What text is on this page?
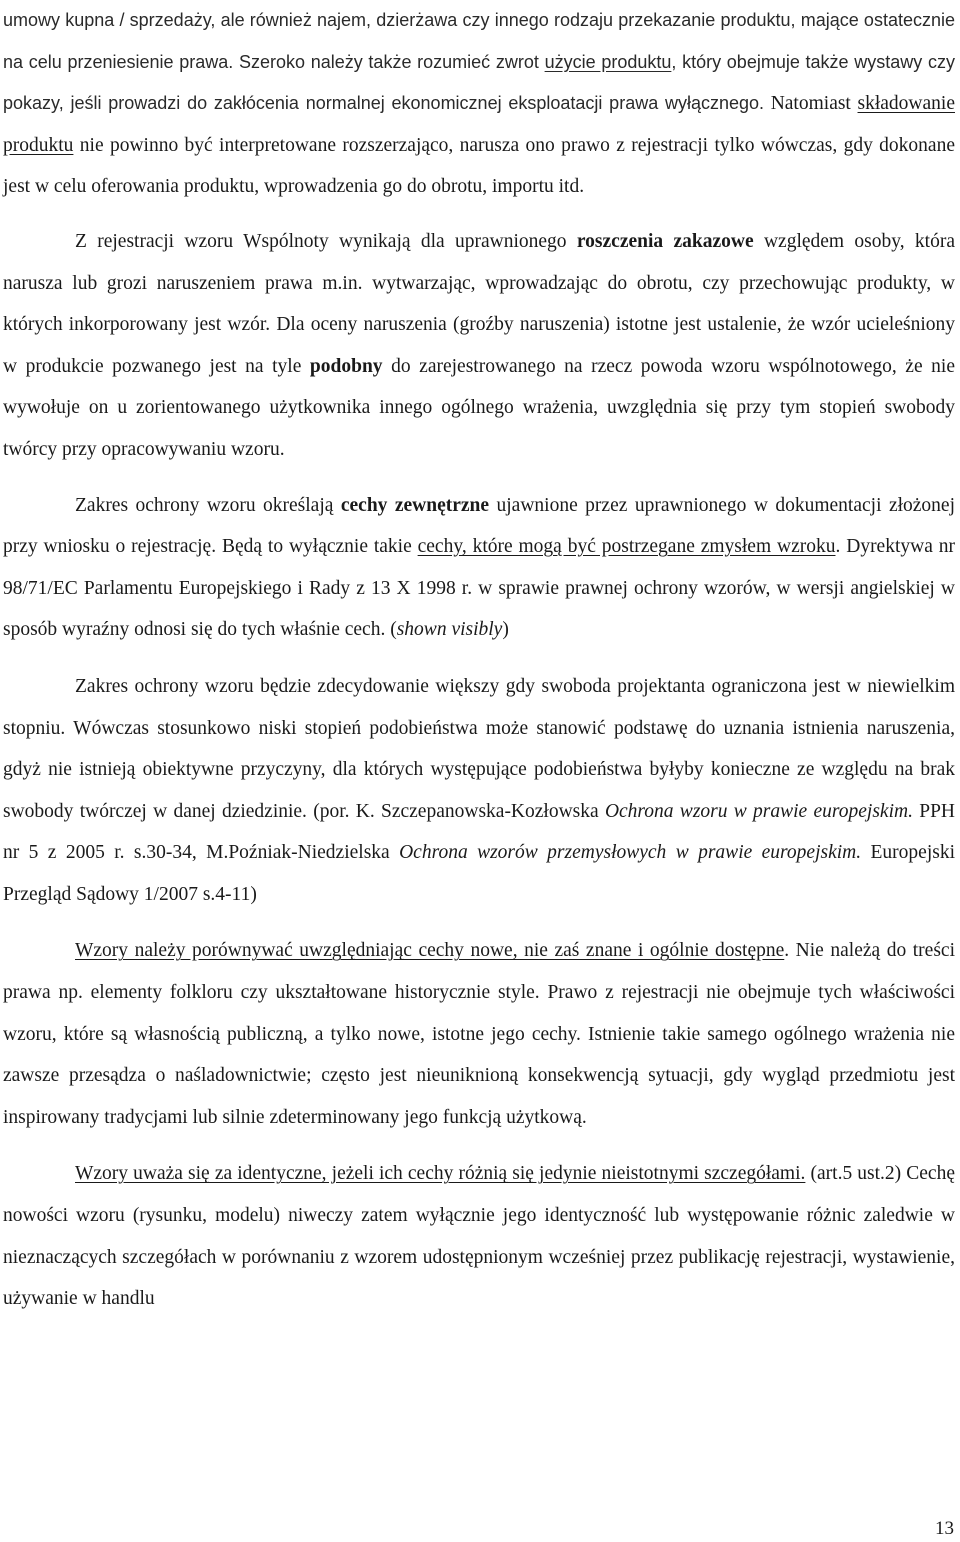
umowy kupna / sprzedaży, ale również najem, dzierżawa czy innego rodzaju przekazanie produktu, mające ostatecznie na celu przeniesienie prawa. Szeroko należy także rozumieć zwrot użycie produktu, który obejmuje także wystawy czy pokazy, jeśli prowadzi do zakłócenia normalnej ekonomicznej eksploatacji prawa wyłącznego. Natomiast składowanie produktu nie powinno być interpretowane rozszerzająco, narusza ono prawo z rejestracji tylko wówczas, gdy dokonane jest w celu oferowania produktu, wprowadzenia go do obrotu, importu itd.

Z rejestracji wzoru Wspólnoty wynikają dla uprawnionego roszczenia zakazowe względem osoby, która narusza lub grozi naruszeniem prawa m.in. wytwarzając, wprowadzając do obrotu, czy przechowując produkty, w których inkorporowany jest wzór. Dla oceny naruszenia (groźby naruszenia) istotne jest ustalenie, że wzór ucieleśniony w produkcie pozwanego jest na tyle podobny do zarejestrowanego na rzecz powoda wzoru wspólnotowego, że nie wywołuje on u zorientowanego użytkownika innego ogólnego wrażenia, uwzględnia się przy tym stopień swobody twórcy przy opracowywaniu wzoru.

Zakres ochrony wzoru określają cechy zewnętrzne ujawnione przez uprawnionego w dokumentacji złożonej przy wniosku o rejestrację. Będą to wyłącznie takie cechy, które mogą być postrzegane zmysłem wzroku. Dyrektywa nr 98/71/EC Parlamentu Europejskiego i Rady z 13 X 1998 r. w sprawie prawnej ochrony wzorów, w wersji angielskiej w sposób wyraźny odnosi się do tych właśnie cech. (shown visibly)

Zakres ochrony wzoru będzie zdecydowanie większy gdy swoboda projektanta ograniczona jest w niewielkim stopniu. Wówczas stosunkowo niski stopień podobieństwa może stanowić podstawę do uznania istnienia naruszenia, gdyż nie istnieją obiektywne przyczyny, dla których występujące podobieństwa byłyby konieczne ze względu na brak swobody twórczej w danej dziedzinie. (por. K. Szczepanowska-Kozłowska Ochrona wzoru w prawie europejskim. PPH nr 5 z 2005 r. s.30-34, M.Poźniak-Niedzielska Ochrona wzorów przemysłowych w prawie europejskim. Europejski Przegląd Sądowy 1/2007 s.4-11)

Wzory należy porównywać uwzględniając cechy nowe, nie zaś znane i ogólnie dostępne. Nie należą do treści prawa np. elementy folkloru czy ukształtowane historycznie style. Prawo z rejestracji nie obejmuje tych właściwości wzoru, które są własnością publiczną, a tylko nowe, istotne jego cechy. Istnienie takie samego ogólnego wrażenia nie zawsze przesądza o naśladownictwie; często jest nieuniknioną konsekwencją sytuacji, gdy wygląd przedmiotu jest inspirowany tradycjami lub silnie zdeterminowany jego funkcją użytkową.

Wzory uważa się za identyczne, jeżeli ich cechy różnią się jedynie nieistotnymi szczegółami. (art.5 ust.2) Cechę nowości wzoru (rysunku, modelu) niweczy zatem wyłącznie jego identyczność lub występowanie różnic zaledwie w nieznaczących szczegółach w porównaniu z wzorem udostępnionym wcześniej przez publikację rejestracji, wystawienie, używanie w handlu

13
